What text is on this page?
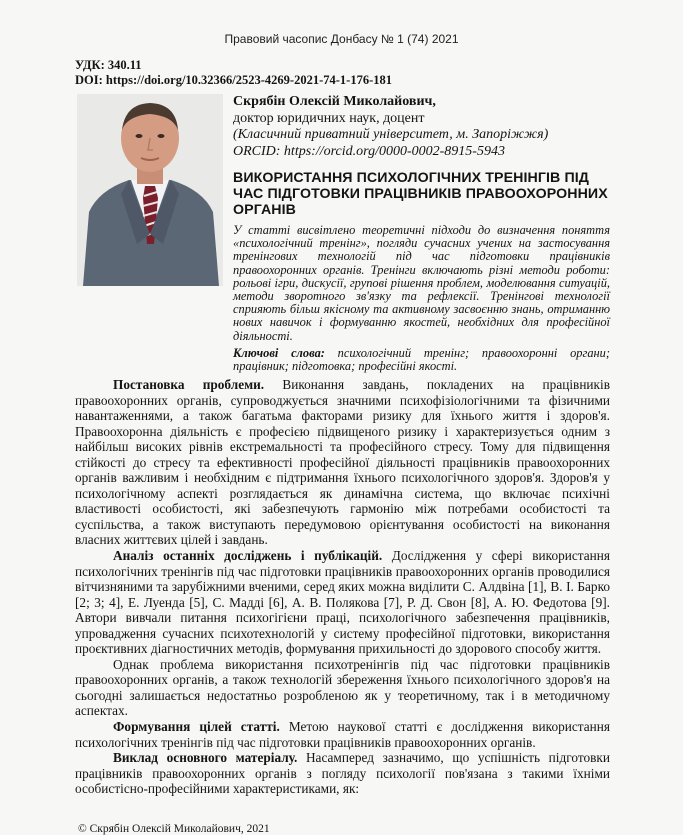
Правовий часопис Донбасу № 1 (74) 2021
УДК: 340.11
DOI: https://doi.org/10.32366/2523-4269-2021-74-1-176-181
Скрябін Олексій Миколайович,
доктор юридичних наук, доцент
(Класичний приватний університет, м. Запоріжжя)
ORCID: https://orcid.org/0000-0002-8915-5943
ВИКОРИСТАННЯ ПСИХОЛОГІЧНИХ ТРЕНІНГІВ ПІД ЧАС ПІДГОТОВКИ ПРАЦІВНИКІВ ПРАВООХОРОННИХ ОРГАНІВ
У статті висвітлено теоретичні підходи до визначення поняття «психологічний тренінг», погляди сучасних учених на застосування тренінгових технологій під час підготовки працівників правоохоронних органів. Тренінги включають різні методи роботи: рольові ігри, дискусії, групові рішення проблем, моделювання ситуацій, методи зворотного зв'язку та рефлексії. Тренінгові технології сприяють більш якісному та активному засвоєнню знань, отриманню нових навичок і формуванню якостей, необхідних для професійної діяльності.
Ключові слова: психологічний тренінг; правоохоронні органи; працівник; підготовка; професійні якості.

Постановка проблеми. Виконання завдань, покладених на працівників правоохоронних органів, супроводжується значними психофізіологічними та фізичними навантаженнями, а також багатьма факторами ризику для їхнього життя і здоров'я. Правоохоронна діяльність є професією підвищеного ризику і характеризується одним з найбільш високих рівнів екстремальності та професійного стресу. Тому для підвищення стійкості до стресу та ефективності професійної діяльності працівників правоохоронних органів важливим і необхідним є підтримання їхнього психологічного здоров'я. Здоров'я у психологічному аспекті розглядається як динамічна система, що включає психічні властивості особистості, які забезпечують гармонію між потребами особистості та суспільства, а також виступають передумовою орієнтування особистості на виконання власних життєвих цілей і завдань.

Аналіз останніх досліджень і публікацій. Дослідження у сфері використання психологічних тренінгів під час підготовки працівників правоохоронних органів проводилися вітчизняними та зарубіжними вченими, серед яких можна виділити С. Алдвіна [1], В. І. Барко [2; 3; 4], Е. Луенда [5], С. Мадді [6], А. В. Полякова [7], Р. Д. Свон [8], А. Ю. Федотова [9]. Автори вивчали питання психогігієни праці, психологічного забезпечення працівників, упровадження сучасних психотехнологій у систему професійної підготовки, використання проєктивних діагностичних методів, формування прихильності до здорового способу життя.

Однак проблема використання психотренінгів під час підготовки працівників правоохоронних органів, а також технологій збереження їхнього психологічного здоров'я на сьогодні залишається недостатньо розробленою як у теоретичному, так і в методичному аспектах.

Формування цілей статті. Метою наукової статті є дослідження використання психологічних тренінгів під час підготовки працівників правоохоронних органів.

Виклад основного матеріалу. Насамперед зазначимо, що успішність підготовки працівників правоохоронних органів з погляду психології пов'язана з такими їхніми особистісно-професійними характеристиками, як:

© Скрябін Олексій Миколайович, 2021
